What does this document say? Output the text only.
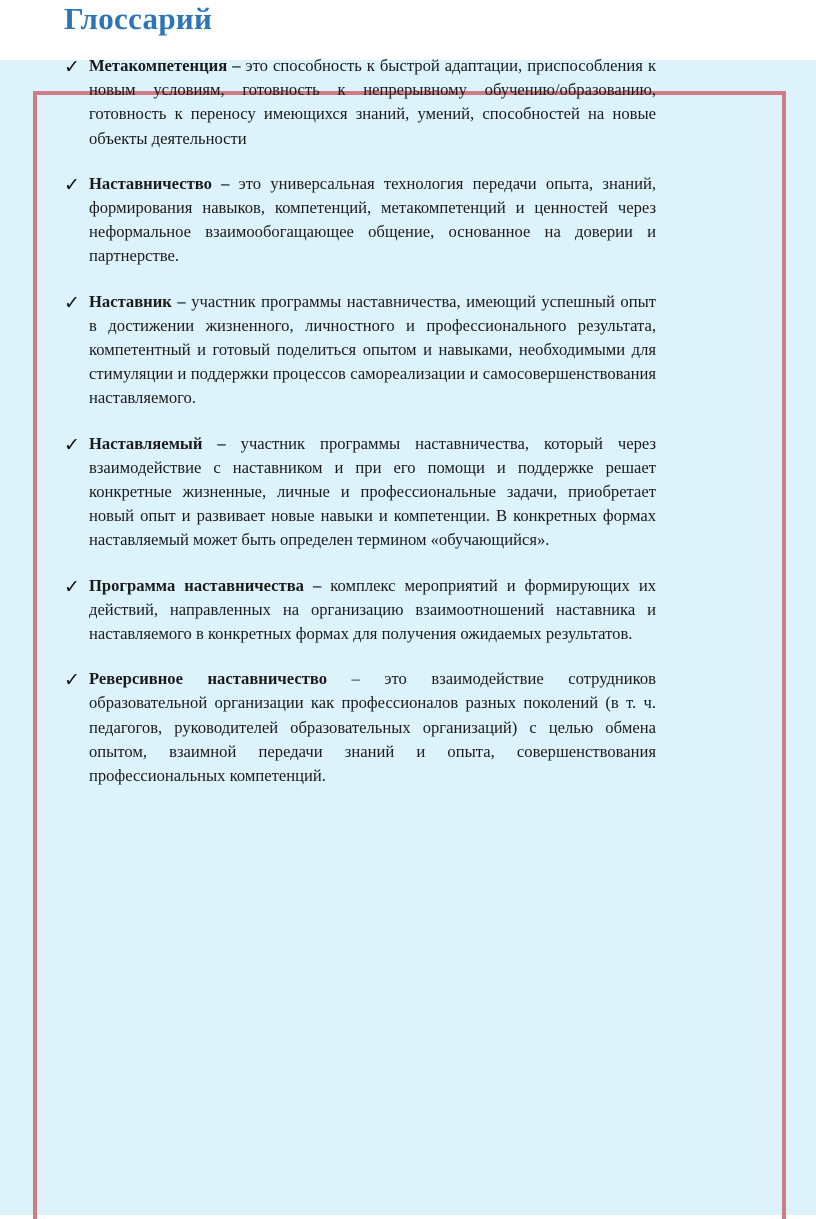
Глоссарий
✓ Метакомпетенция – это способность к быстрой адаптации, приспособления к новым условиям, готовность к непрерывному обучению/образованию, готовность к переносу имеющихся знаний, умений, способностей на новые объекты деятельности

✓ Наставничество – это универсальная технология передачи опыта, знаний, формирования навыков, компетенций, метакомпетенций и ценностей через неформальное взаимообогащающее общение, основанное на доверии и партнерстве.

✓ Наставник – участник программы наставничества, имеющий успешный опыт в достижении жизненного, личностного и профессионального результата, компетентный и готовый поделиться опытом и навыками, необходимыми для стимуляции и поддержки процессов самореализации и самосовершенствования наставляемого.

✓ Наставляемый – участник программы наставничества, который через взаимодействие с наставником и при его помощи и поддержке решает конкретные жизненные, личные и профессиональные задачи, приобретает новый опыт и развивает новые навыки и компетенции. В конкретных формах наставляемый может быть определен термином «обучающийся».

✓ Программа наставничества – комплекс мероприятий и формирующих их действий, направленных на организацию взаимоотношений наставника и наставляемого в конкретных формах для получения ожидаемых результатов.

✓ Реверсивное наставничество – это взаимодействие сотрудников образовательной организации как профессионалов разных поколений (в т. ч. педагогов, руководителей образовательных организаций) с целью обмена опытом, взаимной передачи знаний и опыта, совершенствования профессиональных компетенций.
